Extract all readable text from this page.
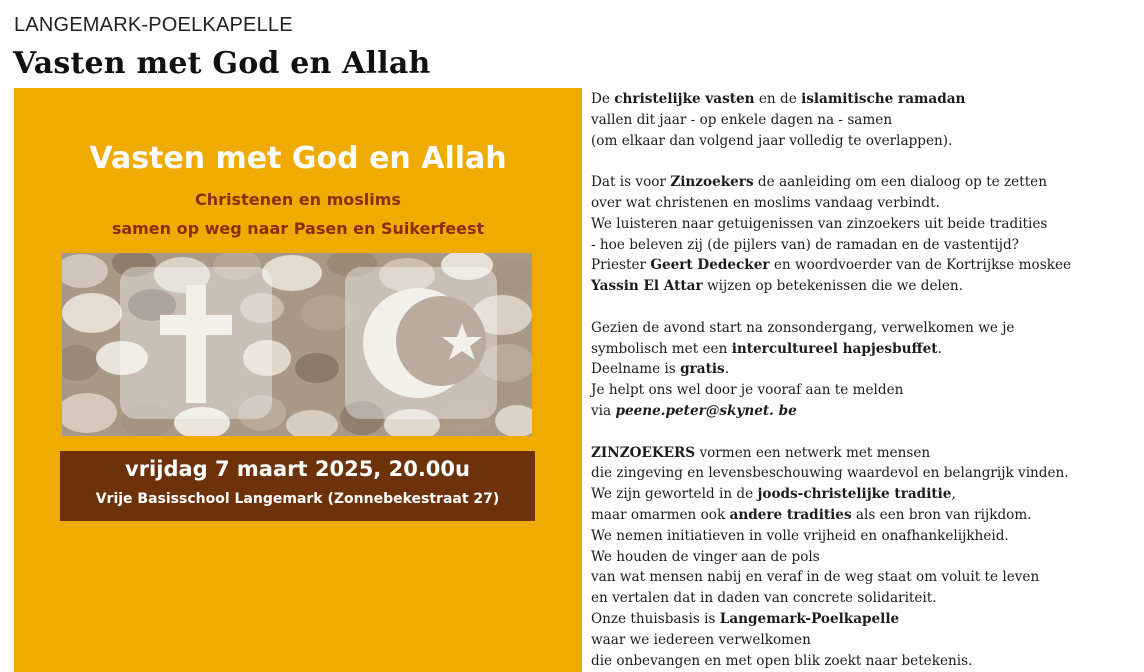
LANGEMARK-POELKAPELLE
Vasten met God en Allah
Vasten met God en Allah
Christenen en moslims
samen op weg naar Pasen en Suikerfeest
vrijdag 7 maart 2025, 20.00u
Vrije Basisschool Langemark (Zonnebekestraat 27)
De christelijke vasten en de islamitische ramadan
vallen dit jaar - op enkele dagen na - samen
(om elkaar dan volgend jaar volledig te overlappen).
Dat is voor Zinzoekers de aanleiding om een dialoog op te zetten
over wat christenen en moslims vandaag verbindt.
We luisteren naar getuigenissen van zinzoekers uit beide tradities
- hoe beleven zij (de pijlers van) de ramadan en de vastentijd?
Priester Geert Dedecker en woordvoerder van de Kortrijkse moskee
Yassin El Attar wijzen op betekenissen die we delen.
Gezien de avond start na zonsondergang, verwelkomen we je
symbolisch met een intercultureel hapjesbuffet.
Deelname is gratis.
Je helpt ons wel door je vooraf aan te melden
via peene.peter@skynet. be
ZINZOEKERS vormen een netwerk met mensen
die zingeving en levensbeschouwing waardevol en belangrijk vinden.
We zijn geworteld in de joods-christelijke traditie,
maar omarmen ook andere tradities als een bron van rijkdom.
We nemen initiatieven in volle vrijheid en onafhankelijkheid.
We houden de vinger aan de pols
van wat mensen nabij en veraf in de weg staat om voluit te leven
en vertalen dat in daden van concrete solidariteit.
Onze thuisbasis is Langemark-Poelkapelle
waar we iedereen verwelkomen
die onbevangen en met open blik zoekt naar betekenis.
